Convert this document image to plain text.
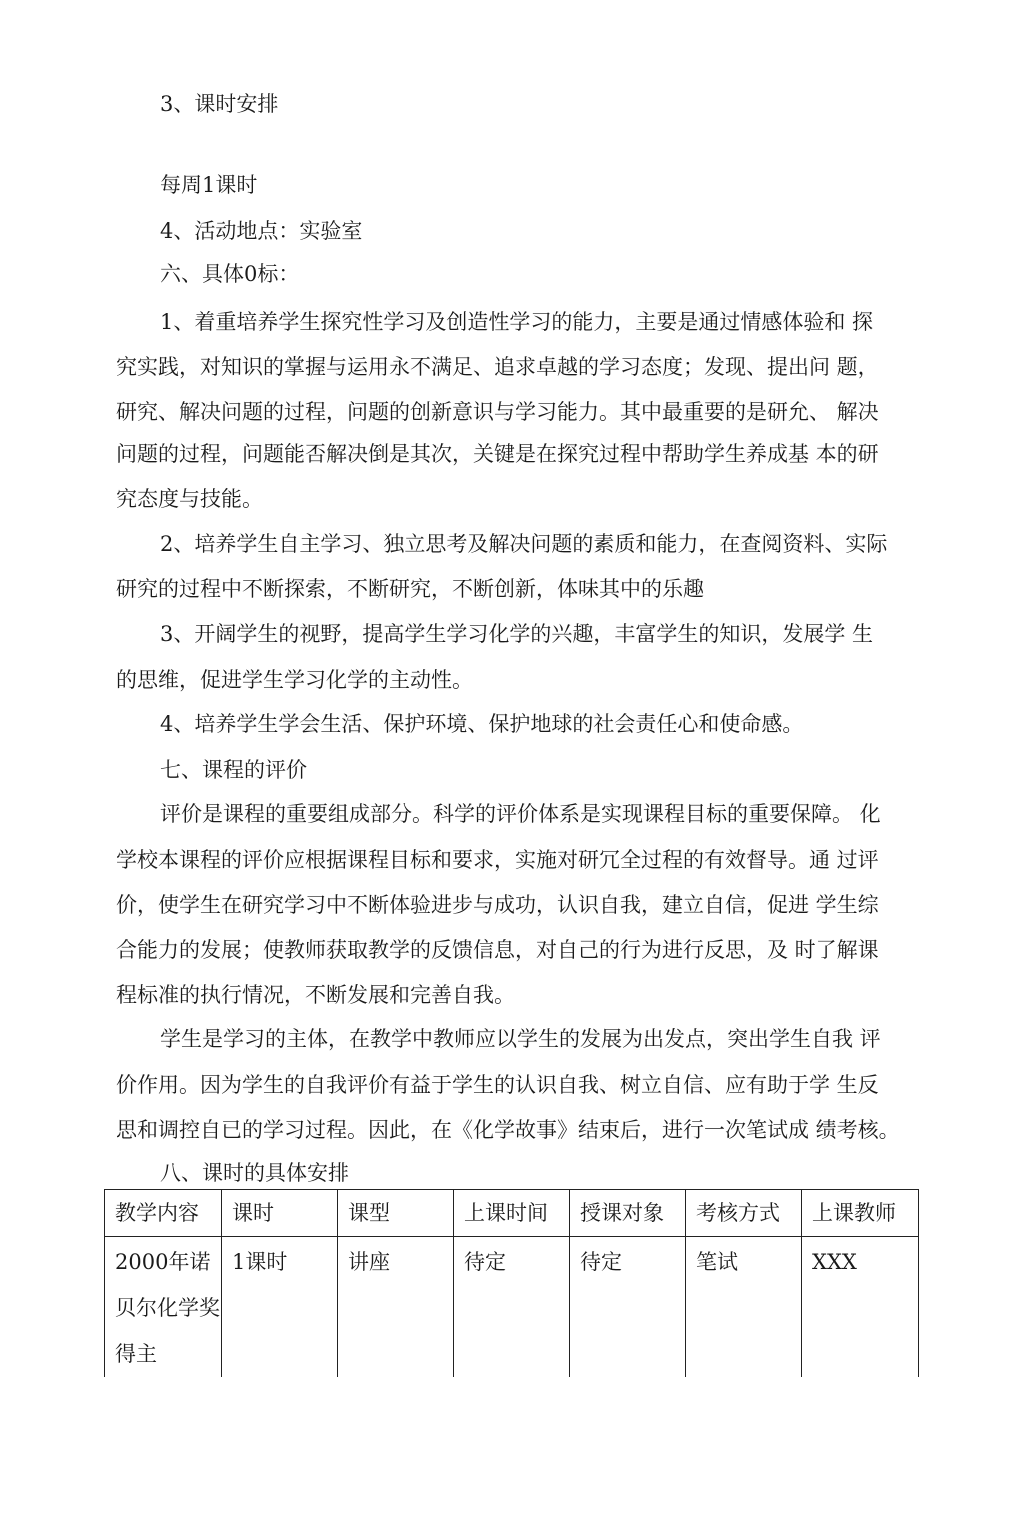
3、课时安排

每周1课时

4、活动地点：实验室

六、具体0标：

1、着重培养学生探究性学习及创造性学习的能力，主要是通过情感体验和 探

究实践，对知识的掌握与运用永不满足、追求卓越的学习态度；发现、提出问 题，

研究、解决问题的过程，问题的创新意识与学习能力。其中最重要的是研允、 解决

问题的过程，问题能否解决倒是其次，关键是在探究过程中帮助学生养成基 本的研

究态度与技能。

2、培养学生自主学习、独立思考及解决问题的素质和能力，在查阅资料、实际

研究的过程中不断探索，不断研究，不断创新，体味其中的乐趣

3、开阔学生的视野，提高学生学习化学的兴趣，丰富学生的知识，发展学 生

的思维，促进学生学习化学的主动性。

4、培养学生学会生活、保护环境、保护地球的社会责任心和使命感。

七、课程的评价

评价是课程的重要组成部分。科学的评价体系是实现课程目标的重要保障。 化

学校本课程的评价应根据课程目标和要求，实施对研冗全过程的有效督导。通 过评

价，使学生在研究学习中不断体验进步与成功，认识自我，建立自信，促进 学生综

合能力的发展；使教师获取教学的反馈信息，对自己的行为进行反思，及 时了解课

程标准的执行情况，不断发展和完善自我。

学生是学习的主体，在教学中教师应以学生的发展为出发点，突出学生自我 评

价作用。因为学生的自我评价有益于学生的认识自我、树立自信、应有助于学 生反

思和调控自已的学习过程。因此，在《化学故事》结束后，进行一次笔试成 绩考核。

八、课时的具体安排

教学内容	课时	课型	上课时间	授课对象	考核方式	上课教师

2000年诺贝尔化学奖得主	1课时	讲座	待定	待定	笔试	XXX
